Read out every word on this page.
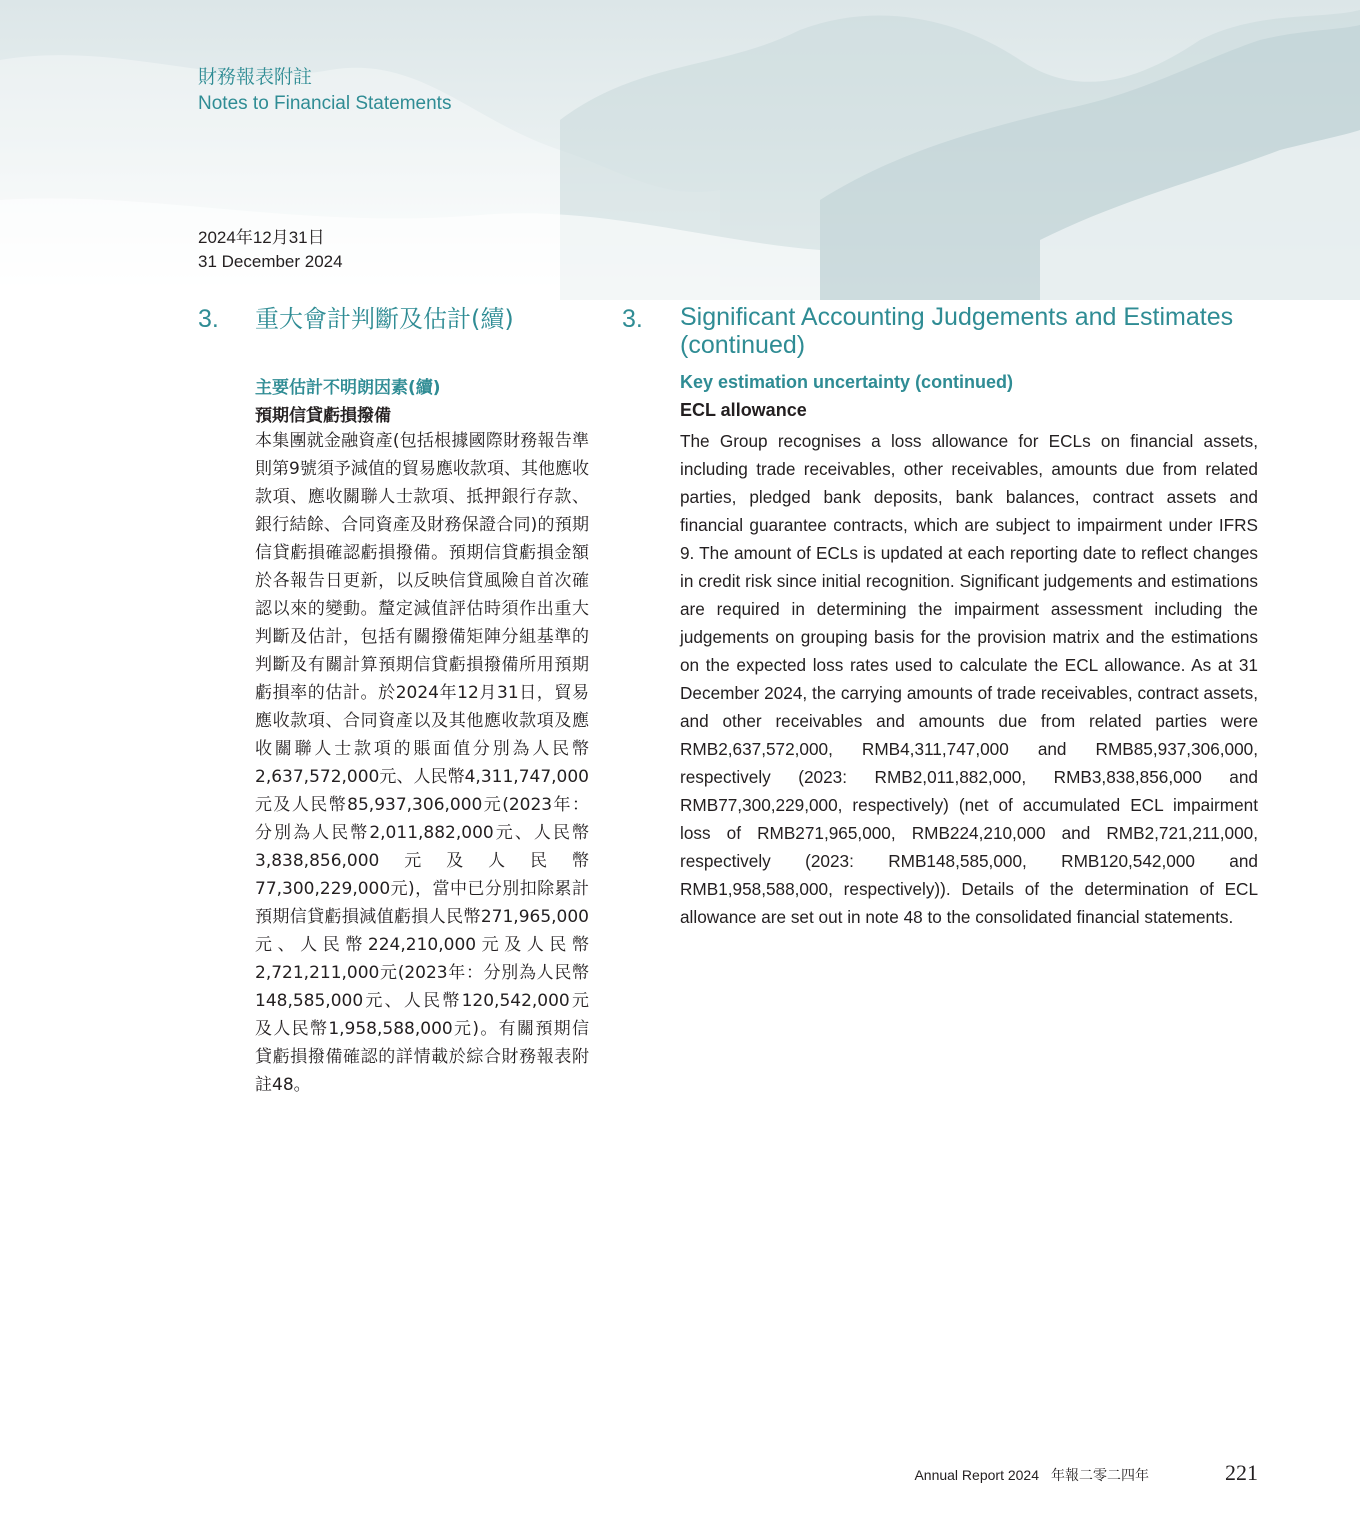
財務報表附註
Notes to Financial Statements
2024年12月31日
31 December 2024
3. 重大會計判斷及估計(續)
主要估計不明朗因素(續)
預期信貸虧損撥備
本集團就金融資產(包括根據國際財務報告準則第9號須予減值的貿易應收款項、其他應收款項、應收關聯人士款項、抵押銀行存款、銀行結餘、合同資產及財務保證合同)的預期信貸虧損確認虧損撥備。預期信貸虧損金額於各報告日更新，以反映信貸風險自首次確認以來的變動。釐定減值評估時須作出重大判斷及估計，包括有關撥備矩陣分組基準的判斷及有關計算預期信貸虧損撥備所用預期虧損率的估計。於2024年12月31日，貿易應收款項、合同資產以及其他應收款項及應收關聯人士款項的賬面值分別為人民幣2,637,572,000元、人民幣4,311,747,000元及人民幣85,937,306,000元(2023年：分別為人民幣2,011,882,000元、人民幣3,838,856,000元及人民幣77,300,229,000元)，當中已分別扣除累計預期信貸虧損減值虧損人民幣271,965,000元、人民幣224,210,000元及人民幣2,721,211,000元(2023年：分別為人民幣148,585,000元、人民幣120,542,000元及人民幣1,958,588,000元)。有關預期信貸虧損撥備確認的詳情載於綜合財務報表附註48。
3. Significant Accounting Judgements and Estimates
(continued)
Key estimation uncertainty (continued)
ECL allowance
The Group recognises a loss allowance for ECLs on financial assets, including trade receivables, other receivables, amounts due from related parties, pledged bank deposits, bank balances, contract assets and financial guarantee contracts, which are subject to impairment under IFRS 9. The amount of ECLs is updated at each reporting date to reflect changes in credit risk since initial recognition. Significant judgements and estimations are required in determining the impairment assessment including the judgements on grouping basis for the provision matrix and the estimations on the expected loss rates used to calculate the ECL allowance. As at 31 December 2024, the carrying amounts of trade receivables, contract assets, and other receivables and amounts due from related parties were RMB2,637,572,000, RMB4,311,747,000 and RMB85,937,306,000, respectively (2023: RMB2,011,882,000, RMB3,838,856,000 and RMB77,300,229,000, respectively) (net of accumulated ECL impairment loss of RMB271,965,000, RMB224,210,000 and RMB2,721,211,000, respectively (2023: RMB148,585,000, RMB120,542,000 and RMB1,958,588,000, respectively)). Details of the determination of ECL allowance are set out in note 48 to the consolidated financial statements.
Annual Report 2024 年報二零二四年	221
